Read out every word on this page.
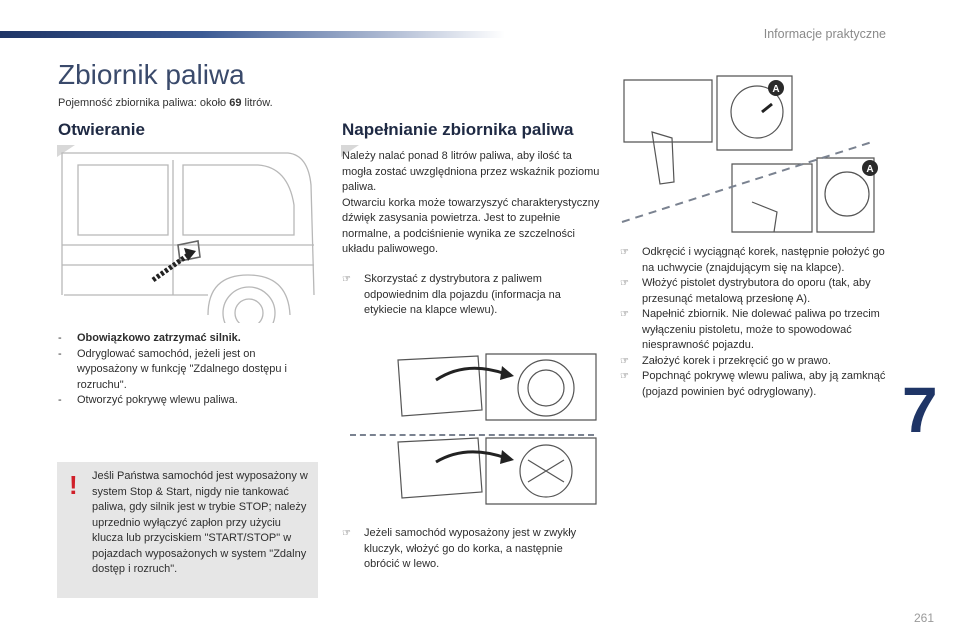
Informacje praktyczne
7
261
Zbiornik paliwa
Pojemność zbiornika paliwa: około 69 litrów.
Otwieranie
- Obowiązkowo zatrzymać silnik.
- Odryglować samochód, jeżeli jest on wyposażony w funkcję "Zdalnego dostępu i rozruchu".
- Otworzyć pokrywę wlewu paliwa.
! Jeśli Państwa samochód jest wyposażony w system Stop & Start, nigdy nie tankować paliwa, gdy silnik jest w trybie STOP; należy uprzednio wyłączyć zapłon przy użyciu klucza lub przyciskiem "START/STOP" w pojazdach wyposażonych w system "Zdalny dostęp i rozruch".
Napełnianie zbiornika paliwa
Należy nalać ponad 8 litrów paliwa, aby ilość ta mogła zostać uwzględniona przez wskaźnik poziomu paliwa.
Otwarciu korka może towarzyszyć charakterystyczny dźwięk zasysania powietrza. Jest to zupełnie normalne, a podciśnienie wynika ze szczelności układu paliwowego.
☞ Skorzystać z dystrybutora z paliwem odpowiednim dla pojazdu (informacja na etykiecie na klapce wlewu).
☞ Jeżeli samochód wyposażony jest w zwykły kluczyk, włożyć go do korka, a następnie obrócić w lewo.
A
A
☞ Odkręcić i wyciągnąć korek, następnie położyć go na uchwycie (znajdującym się na klapce).
☞ Włożyć pistolet dystrybutora do oporu (tak, aby przesunąć metalową przesłonę A).
☞ Napełnić zbiornik. Nie dolewać paliwa po trzecim wyłączeniu pistoletu, może to spowodować niesprawność pojazdu.
☞ Założyć korek i przekręcić go w prawo.
☞ Popchnąć pokrywę wlewu paliwa, aby ją zamknąć (pojazd powinien być odryglowany).
